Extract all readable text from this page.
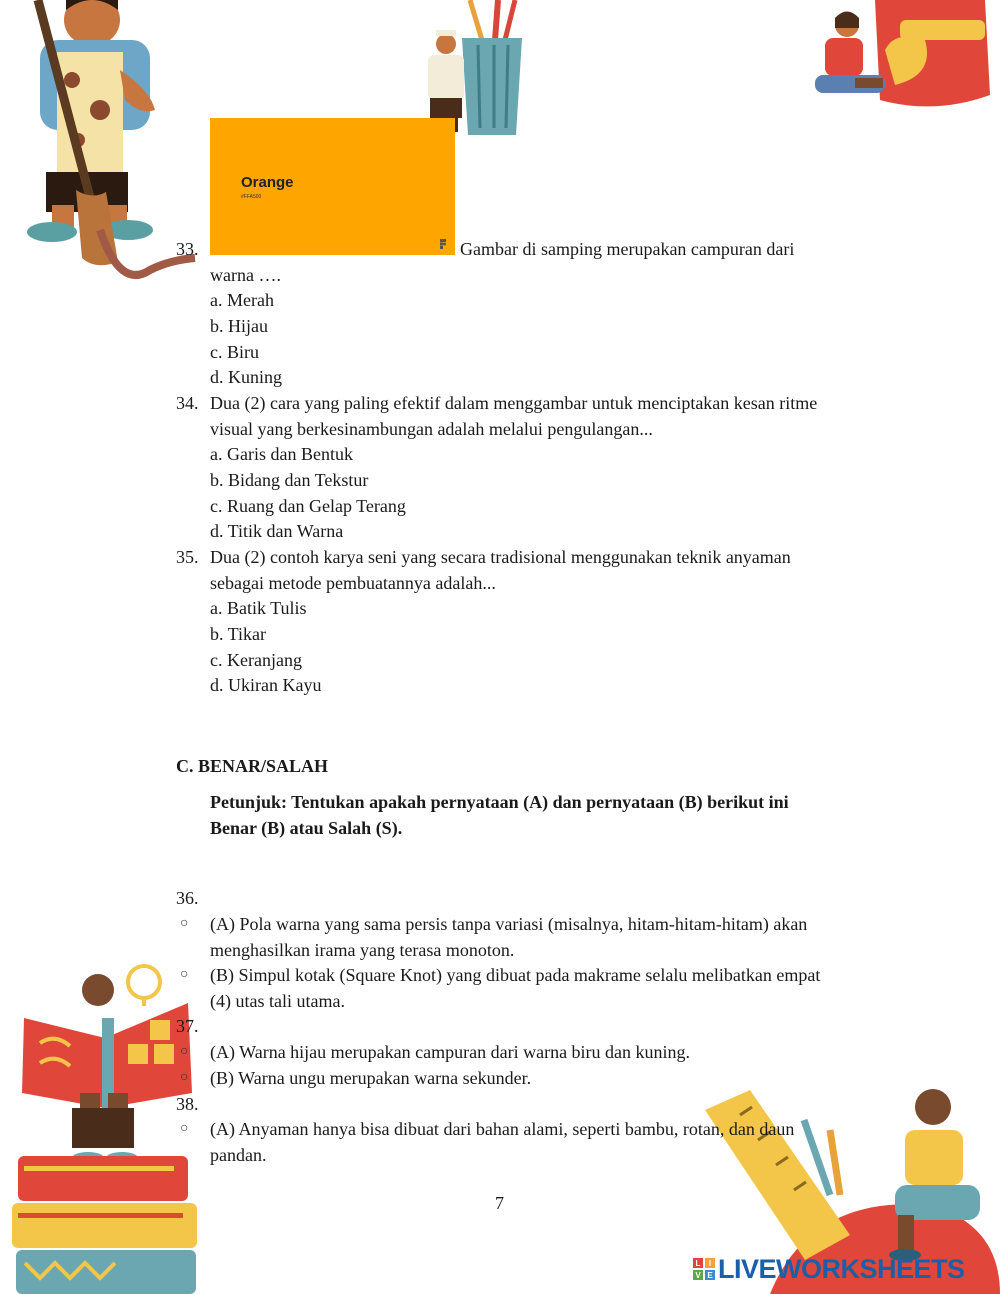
Orange
#FFA500
33.	Gambar di samping merupakan campuran dari
warna ….
a. Merah
b. Hijau
c. Biru
d. Kuning
34. Dua (2) cara yang paling efektif dalam menggambar untuk menciptakan kesan ritme
visual yang berkesinambungan adalah melalui pengulangan...
a. Garis dan Bentuk
b. Bidang dan Tekstur
c. Ruang dan Gelap Terang
d. Titik dan Warna
35. Dua (2) contoh karya seni yang secara tradisional menggunakan teknik anyaman
sebagai metode pembuatannya adalah...
a. Batik Tulis
b. Tikar
c. Keranjang
d. Ukiran Kayu
C. BENAR/SALAH
Petunjuk: Tentukan apakah pernyataan (A) dan pernyataan (B) berikut ini
Benar (B) atau Salah (S).
36.
○ (A) Pola warna yang sama persis tanpa variasi (misalnya, hitam-hitam-hitam) akan
menghasilkan irama yang terasa monoton.
○ (B) Simpul kotak (Square Knot) yang dibuat pada makrame selalu melibatkan empat
(4) utas tali utama.
37.
○ (A) Warna hijau merupakan campuran dari warna biru dan kuning.
○ (B) Warna ungu merupakan warna sekunder.
38.
○ (A) Anyaman hanya bisa dibuat dari bahan alami, seperti bambu, rotan, dan daun
pandan.
7
L	I
V E LIVEWORKSHEETS
